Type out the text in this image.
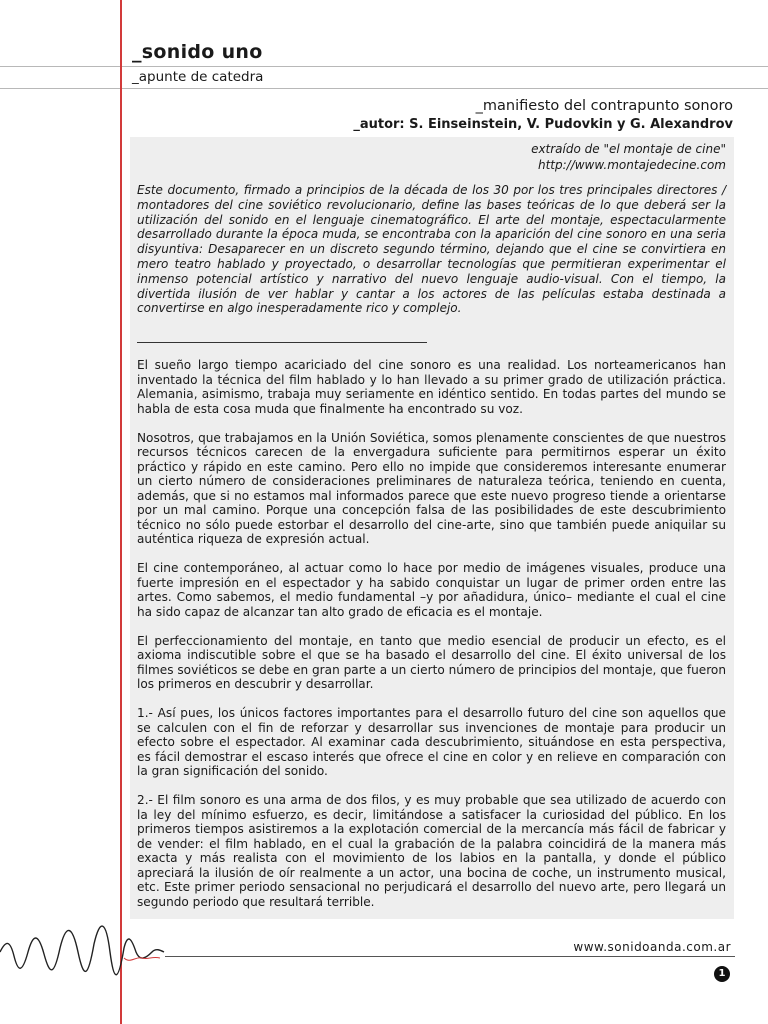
_sonido uno
_apunte de catedra
_manifiesto del contrapunto sonoro
_autor: S. Einseinstein, V. Pudovkin y G. Alexandrov
extraído de "el montaje de cine"
http://www.montajedecine.com

Este documento, firmado a principios de la década de los 30 por los tres principales directores / montadores del cine soviético revolucionario, define las bases teóricas de lo que deberá ser la utilización del sonido en el lenguaje cinematográfico. El arte del montaje, espectacularmente desarrollado durante la época muda, se encontraba con la aparición del cine sonoro en una seria disyuntiva: Desaparecer en un discreto segundo término, dejando que el cine se convirtiera en mero teatro hablado y proyectado, o desarrollar tecnologías que permitieran experimentar el inmenso potencial artístico y narrativo del nuevo lenguaje audio-visual. Con el tiempo, la divertida ilusión de ver hablar y cantar a los actores de las películas estaba destinada a convertirse en algo inesperadamente rico y complejo.

El sueño largo tiempo acariciado del cine sonoro es una realidad. Los norteamericanos han inventado la técnica del film hablado y lo han llevado a su primer grado de utilización práctica. Alemania, asimismo, trabaja muy seriamente en idéntico sentido. En todas partes del mundo se habla de esta cosa muda que finalmente ha encontrado su voz.

Nosotros, que trabajamos en la Unión Soviética, somos plenamente conscientes de que nuestros recursos técnicos carecen de la envergadura suficiente para permitirnos esperar un éxito práctico y rápido en este camino. Pero ello no impide que consideremos interesante enumerar un cierto número de consideraciones preliminares de naturaleza teórica, teniendo en cuenta, además, que si no estamos mal informados parece que este nuevo progreso tiende a orientarse por un mal camino. Porque una concepción falsa de las posibilidades de este descubrimiento técnico no sólo puede estorbar el desarrollo del cine-arte, sino que también puede aniquilar su auténtica riqueza de expresión actual.

El cine contemporáneo, al actuar como lo hace por medio de imágenes visuales, produce una fuerte impresión en el espectador y ha sabido conquistar un lugar de primer orden entre las artes. Como sabemos, el medio fundamental –y por añadidura, único– mediante el cual el cine ha sido capaz de alcanzar tan alto grado de eficacia es el montaje.

El perfeccionamiento del montaje, en tanto que medio esencial de producir un efecto, es el axioma indiscutible sobre el que se ha basado el desarrollo del cine. El éxito universal de los filmes soviéticos se debe en gran parte a un cierto número de principios del montaje, que fueron los primeros en descubrir y desarrollar.

1.- Así pues, los únicos factores importantes para el desarrollo futuro del cine son aquellos que se calculen con el fin de reforzar y desarrollar sus invenciones de montaje para producir un efecto sobre el espectador. Al examinar cada descubrimiento, situándose en esta perspectiva, es fácil demostrar el escaso interés que ofrece el cine en color y en relieve en comparación con la gran significación del sonido.

2.- El film sonoro es una arma de dos filos, y es muy probable que sea utilizado de acuerdo con la ley del mínimo esfuerzo, es decir, limitándose a satisfacer la curiosidad del público. En los primeros tiempos asistiremos a la explotación comercial de la mercancía más fácil de fabricar y de vender: el film hablado, en el cual la grabación de la palabra coincidirá de la manera más exacta y más realista con el movimiento de los labios en la pantalla, y donde el público apreciará la ilusión de oír realmente a un actor, una bocina de coche, un instrumento musical, etc. Este primer periodo sensacional no perjudicará el desarrollo del nuevo arte, pero llegará un segundo periodo que resultará terrible.

www.sonidoanda.com.ar
1
